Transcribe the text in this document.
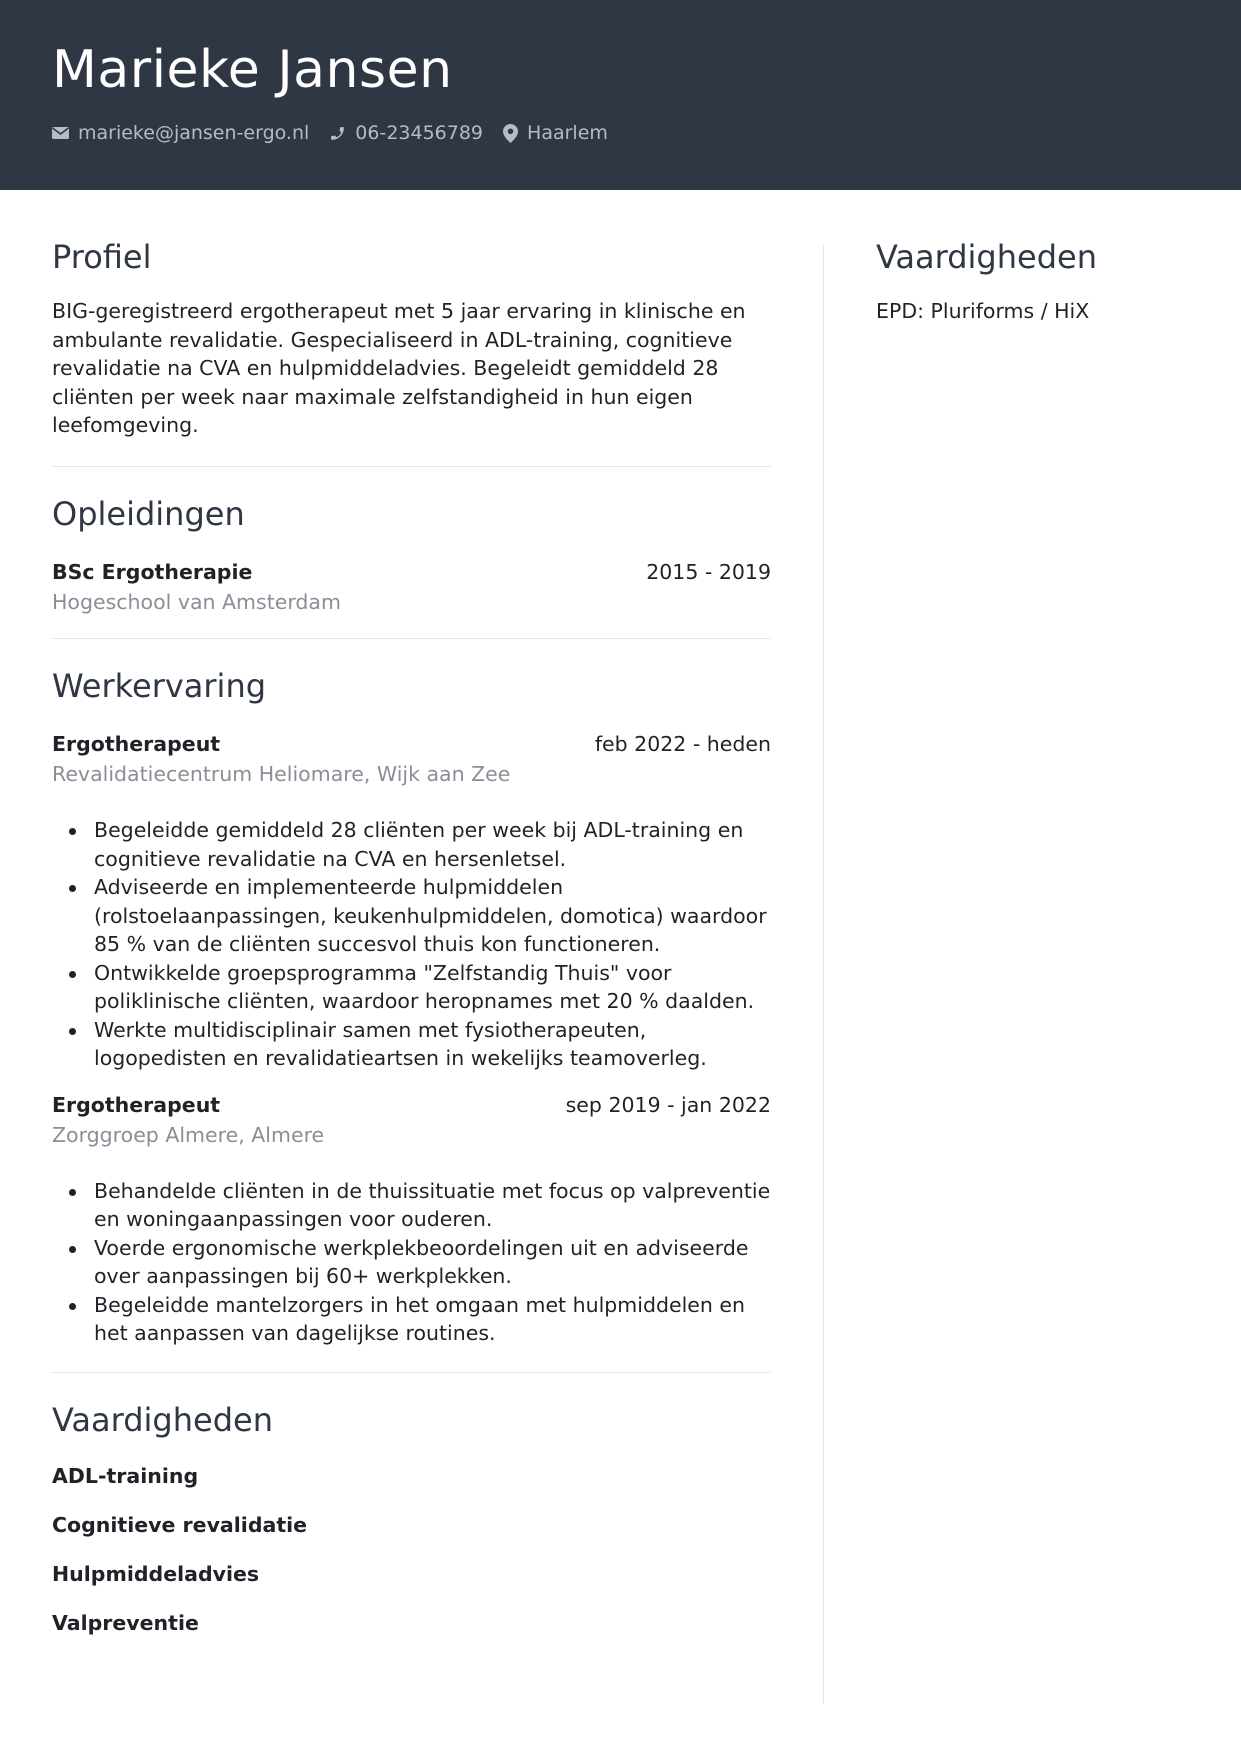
Marieke Jansen
marieke@jansen-ergo.nl 06-23456789 Haarlem
Profiel

BIG-geregistreerd ergotherapeut met 5 jaar ervaring in klinische en ambulante revalidatie. Gespecialiseerd in ADL-training, cognitieve revalidatie na CVA en hulpmiddeladvies. Begeleidt gemiddeld 28 cliënten per week naar maximale zelfstandigheid in hun eigen leefomgeving.

Opleidingen
BSc Ergotherapie	2015 - 2019
Hogeschool van Amsterdam
Werkervaring
Ergotherapeut	feb 2022 - heden
Revalidatiecentrum Heliomare, Wijk aan Zee
Begeleidde gemiddeld 28 cliënten per week bij ADL-training en cognitieve revalidatie na CVA en hersenletsel.
Adviseerde en implementeerde hulpmiddelen (rolstoelaanpassingen, keukenhulpmiddelen, domotica) waardoor 85 % van de cliënten succesvol thuis kon functioneren.
Ontwikkelde groepsprogramma "Zelfstandig Thuis" voor poliklinische cliënten, waardoor heropnames met 20 % daalden.
Werkte multidisciplinair samen met fysiotherapeuten, logopedisten en revalidatieartsen in wekelijks teamoverleg.
Ergotherapeut	sep 2019 - jan 2022
Zorggroep Almere, Almere
Behandelde cliënten in de thuissituatie met focus op valpreventie en woningaanpassingen voor ouderen.
Voerde ergonomische werkplekbeoordelingen uit en adviseerde over aanpassingen bij 60+ werkplekken.
Begeleidde mantelzorgers in het omgaan met hulpmiddelen en het aanpassen van dagelijkse routines.
Vaardigheden
ADL-training
Cognitieve revalidatie
Hulpmiddeladvies
Valpreventie
Vaardigheden
EPD: Pluriforms / HiX
